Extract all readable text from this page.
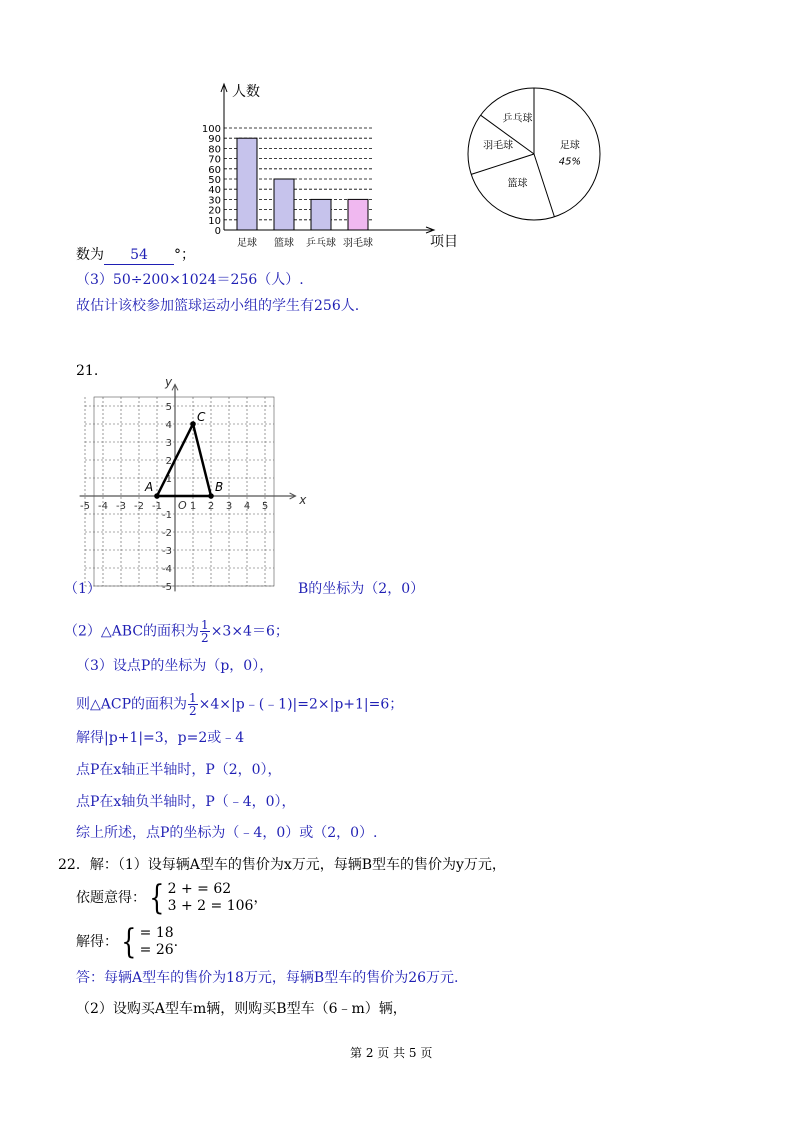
100
90
80
70
60
50
40
30
20
10
0
足球 篮球 乒乓球 羽毛球
人数
项目
足球
篮球
羽毛球
乒乓球
45%
数为 54 °；
（3）50÷200×1024＝256（人）.
故估计该校参加篮球运动小组的学生有256人.
21.
-5 -4 -3 -2 -1	1 2 3 4 5
5
4
3
2
1
-1
-2
-3
-4
-5
x
y
O
A	B
C
（1）	B的坐标为（2，0）
（2）△ABC的面积为 $\frac{1}{2} \times 3\times 4=6$；
（3）设点P的坐标为（p，0），
则△ACP的面积为 $\frac{1}{2}$ ×4×|p﹣(﹣1)|=2×|p+1|=6；
解得|p+1|=3，p=2或﹣4
点P在x轴正半轴时，P（2，0），
点P在x轴负半轴时，P（﹣4，0），
综上所述，点P的坐标为（﹣4，0）或（2，0）.
22．解：（1）设每辆A型车的售价为x万元，每辆B型车的售价为y万元，
依题意得：{ 2 + = 62
3 + 2 = 106 ，
解得：{ = 18
= 26 .
答：每辆A型车的售价为18万元，每辆B型车的售价为26万元.
（2）设购买A型车m辆，则购买B型车（6﹣m）辆，
第 2 页 共 5 页
